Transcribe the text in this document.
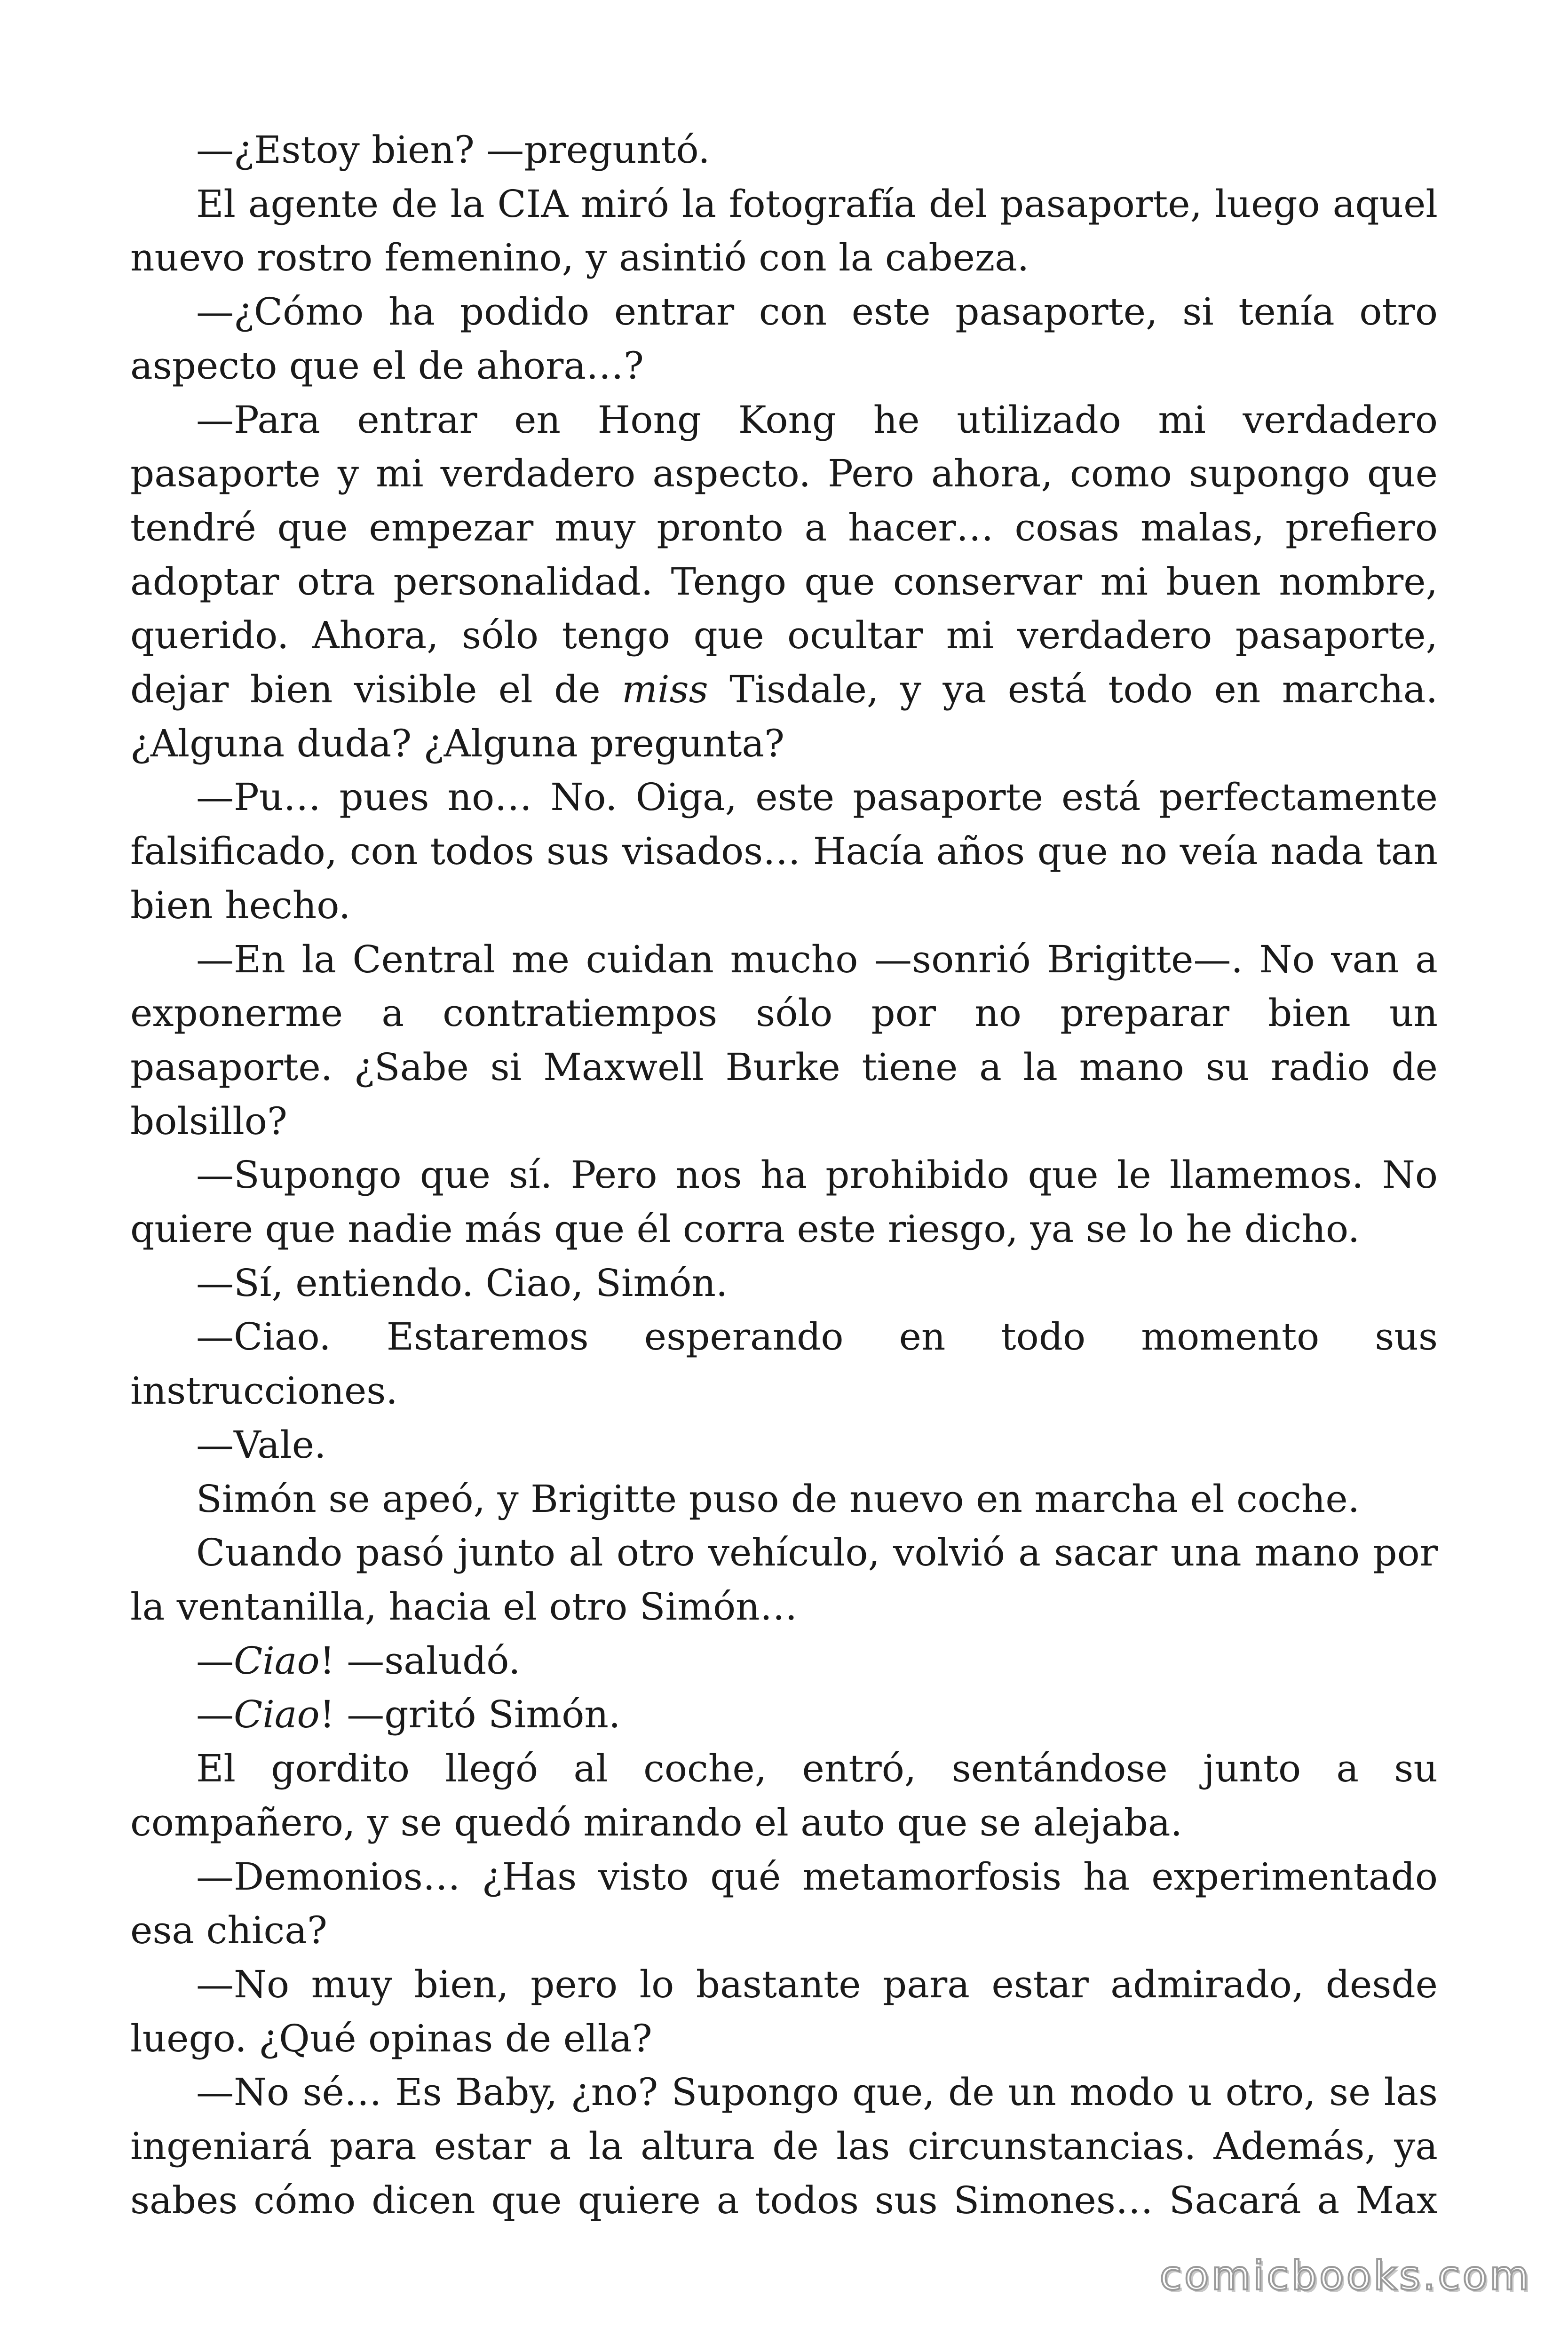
—¿Estoy bien? —preguntó.

El agente de la CIA miró la fotografía del pasaporte, luego aquel nuevo rostro femenino, y asintió con la cabeza.

—¿Cómo ha podido entrar con este pasaporte, si tenía otro aspecto que el de ahora…?

—Para entrar en Hong Kong he utilizado mi verdadero pasaporte y mi verdadero aspecto. Pero ahora, como supongo que tendré que empezar muy pronto a hacer… cosas malas, prefiero adoptar otra personalidad. Tengo que conservar mi buen nombre, querido. Ahora, sólo tengo que ocultar mi verdadero pasaporte, dejar bien visible el de miss Tisdale, y ya está todo en marcha. ¿Alguna duda? ¿Alguna pregunta?

—Pu… pues no… No. Oiga, este pasaporte está perfectamente falsificado, con todos sus visados… Hacía años que no veía nada tan bien hecho.

—En la Central me cuidan mucho —sonrió Brigitte—. No van a exponerme a contratiempos sólo por no preparar bien un pasaporte. ¿Sabe si Maxwell Burke tiene a la mano su radio de bolsillo?

—Supongo que sí. Pero nos ha prohibido que le llamemos. No quiere que nadie más que él corra este riesgo, ya se lo he dicho.

—Sí, entiendo. Ciao, Simón.

—Ciao. Estaremos esperando en todo momento sus instrucciones.

—Vale.

Simón se apeó, y Brigitte puso de nuevo en marcha el coche.

Cuando pasó junto al otro vehículo, volvió a sacar una mano por la ventanilla, hacia el otro Simón…

—Ciao! —saludó.

—Ciao! —gritó Simón.

El gordito llegó al coche, entró, sentándose junto a su compañero, y se quedó mirando el auto que se alejaba.

—Demonios… ¿Has visto qué metamorfosis ha experimentado esa chica?

—No muy bien, pero lo bastante para estar admirado, desde luego. ¿Qué opinas de ella?

—No sé… Es Baby, ¿no? Supongo que, de un modo u otro, se las ingeniará para estar a la altura de las circunstancias. Además, ya sabes cómo dicen que quiere a todos sus Simones… Sacará a Max

comicbooks.com
